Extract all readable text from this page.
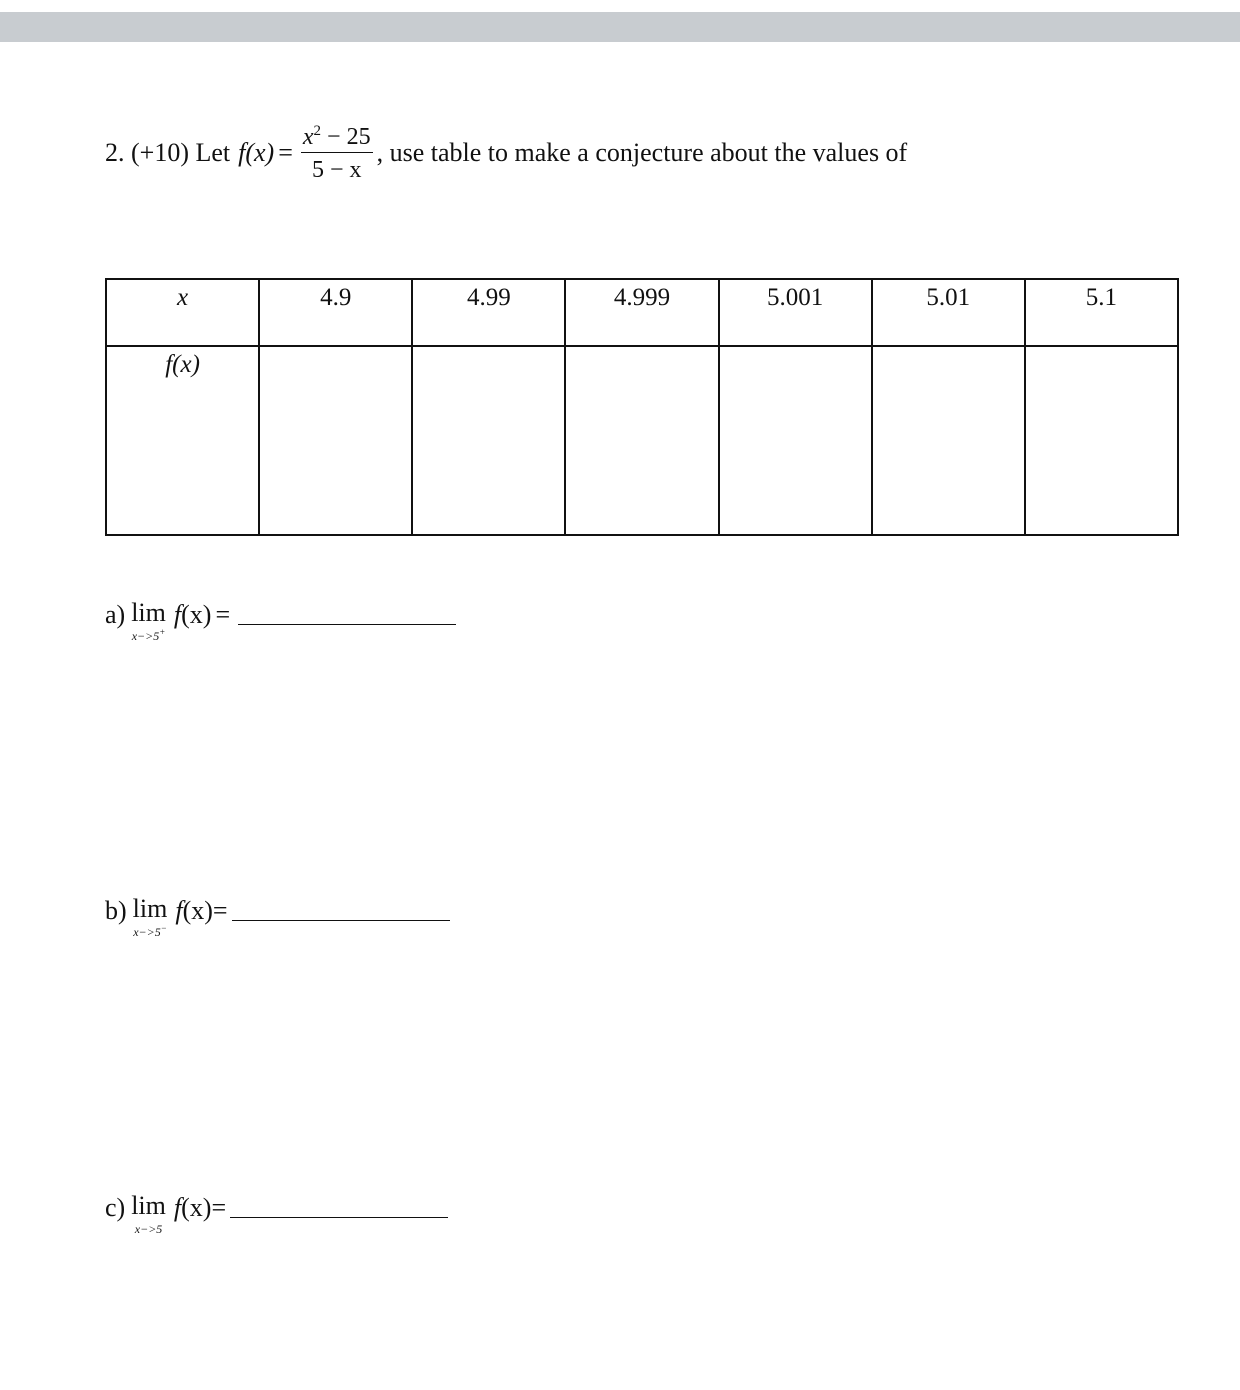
2. (+10) Let f $(x) = \frac{x^2 - 25}{5 - x}$ , use table to make a conjecture about the values of
x	4.9	4.99	4.999	5.001	5.01	5.1
f(x)						
a) lim
x−>5+
f (x) =
b) lim
x−>5−
f (x) =
c) lim
x−>5
f (x) =
